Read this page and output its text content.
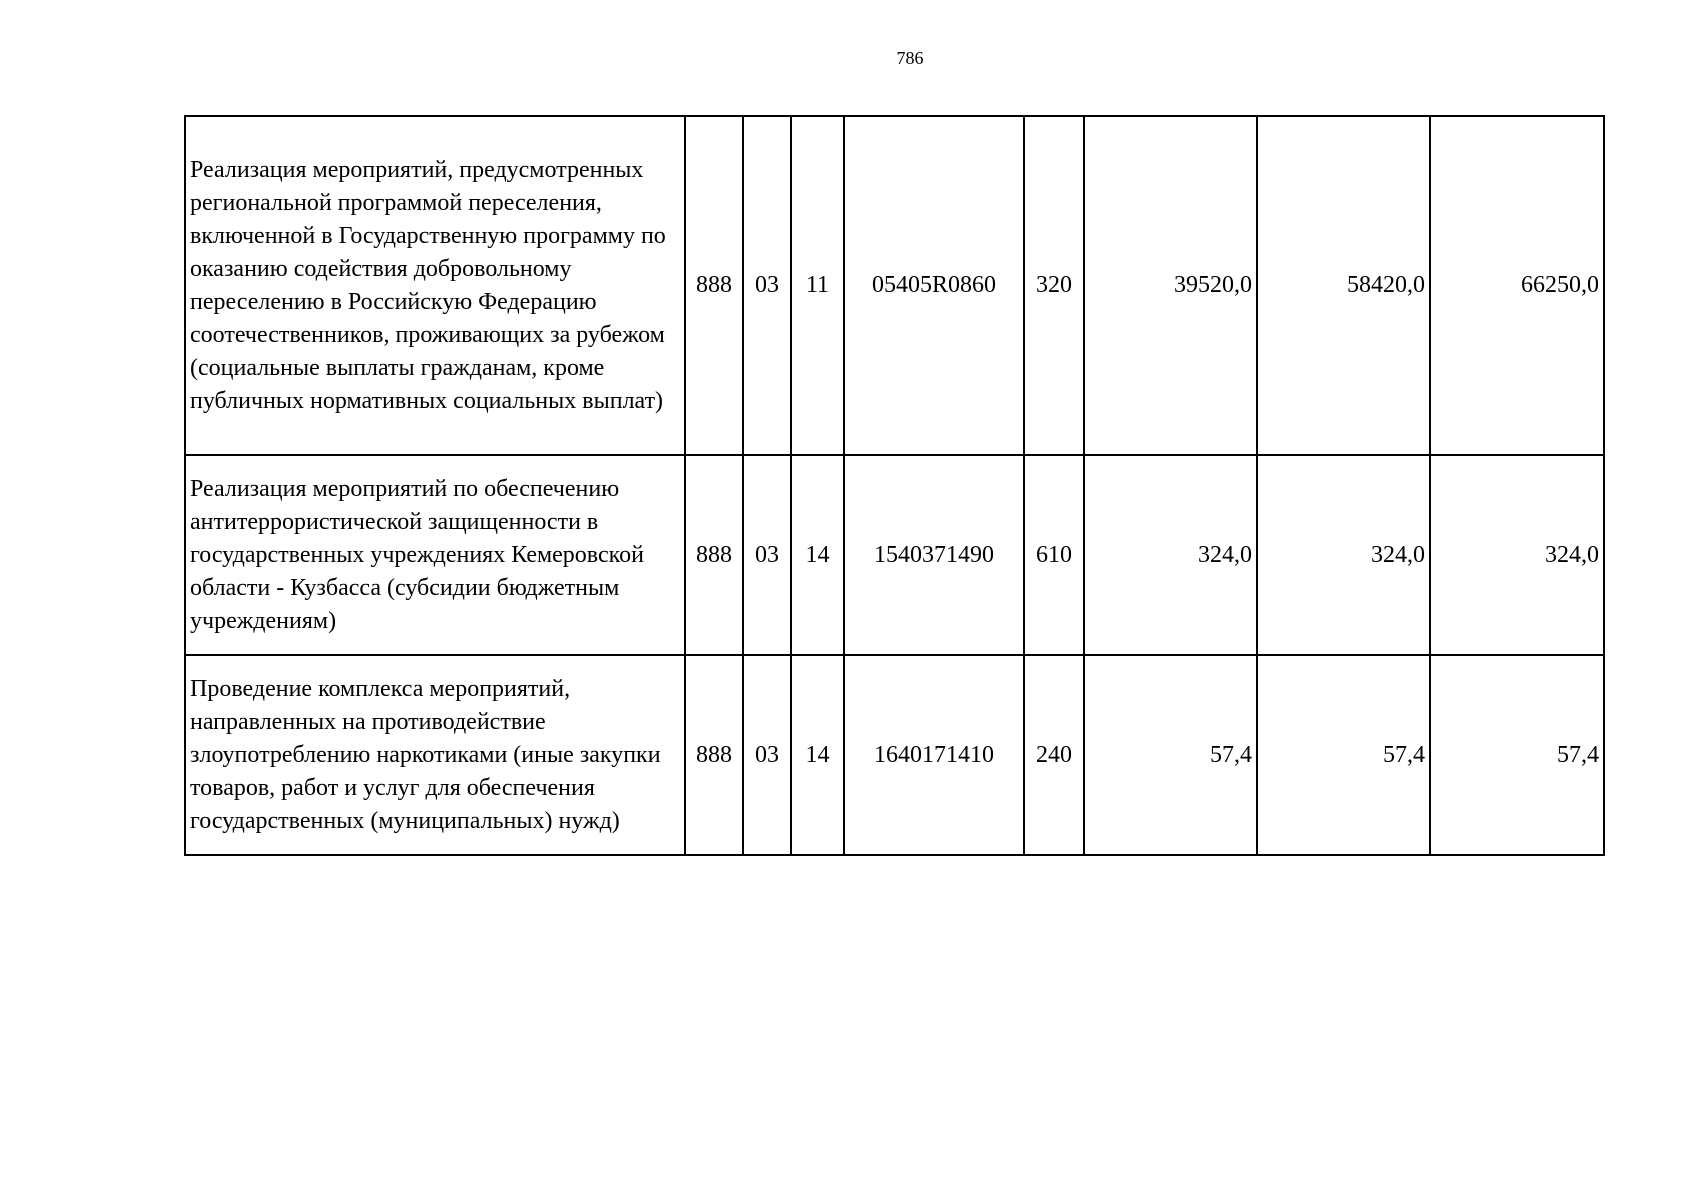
786
Реализация мероприятий, предусмотренных региональной программой переселения, включенной в Государственную программу по оказанию содействия добровольному переселению в Российскую Федерацию соотечественников, проживающих за рубежом (социальные выплаты гражданам, кроме публичных нормативных социальных выплат)	888	03	11	05405R0860	320	39520,0	58420,0	66250,0
Реализация мероприятий по обеспечению антитеррористической защищенности в государственных учреждениях Кемеровской области - Кузбасса (субсидии бюджетным учреждениям)	888	03	14	1540371490	610	324,0	324,0	324,0
Проведение комплекса мероприятий, направленных на противодействие злоупотреблению наркотиками (иные закупки товаров, работ и услуг для обеспечения государственных (муниципальных) нужд)	888	03	14	1640171410	240	57,4	57,4	57,4
